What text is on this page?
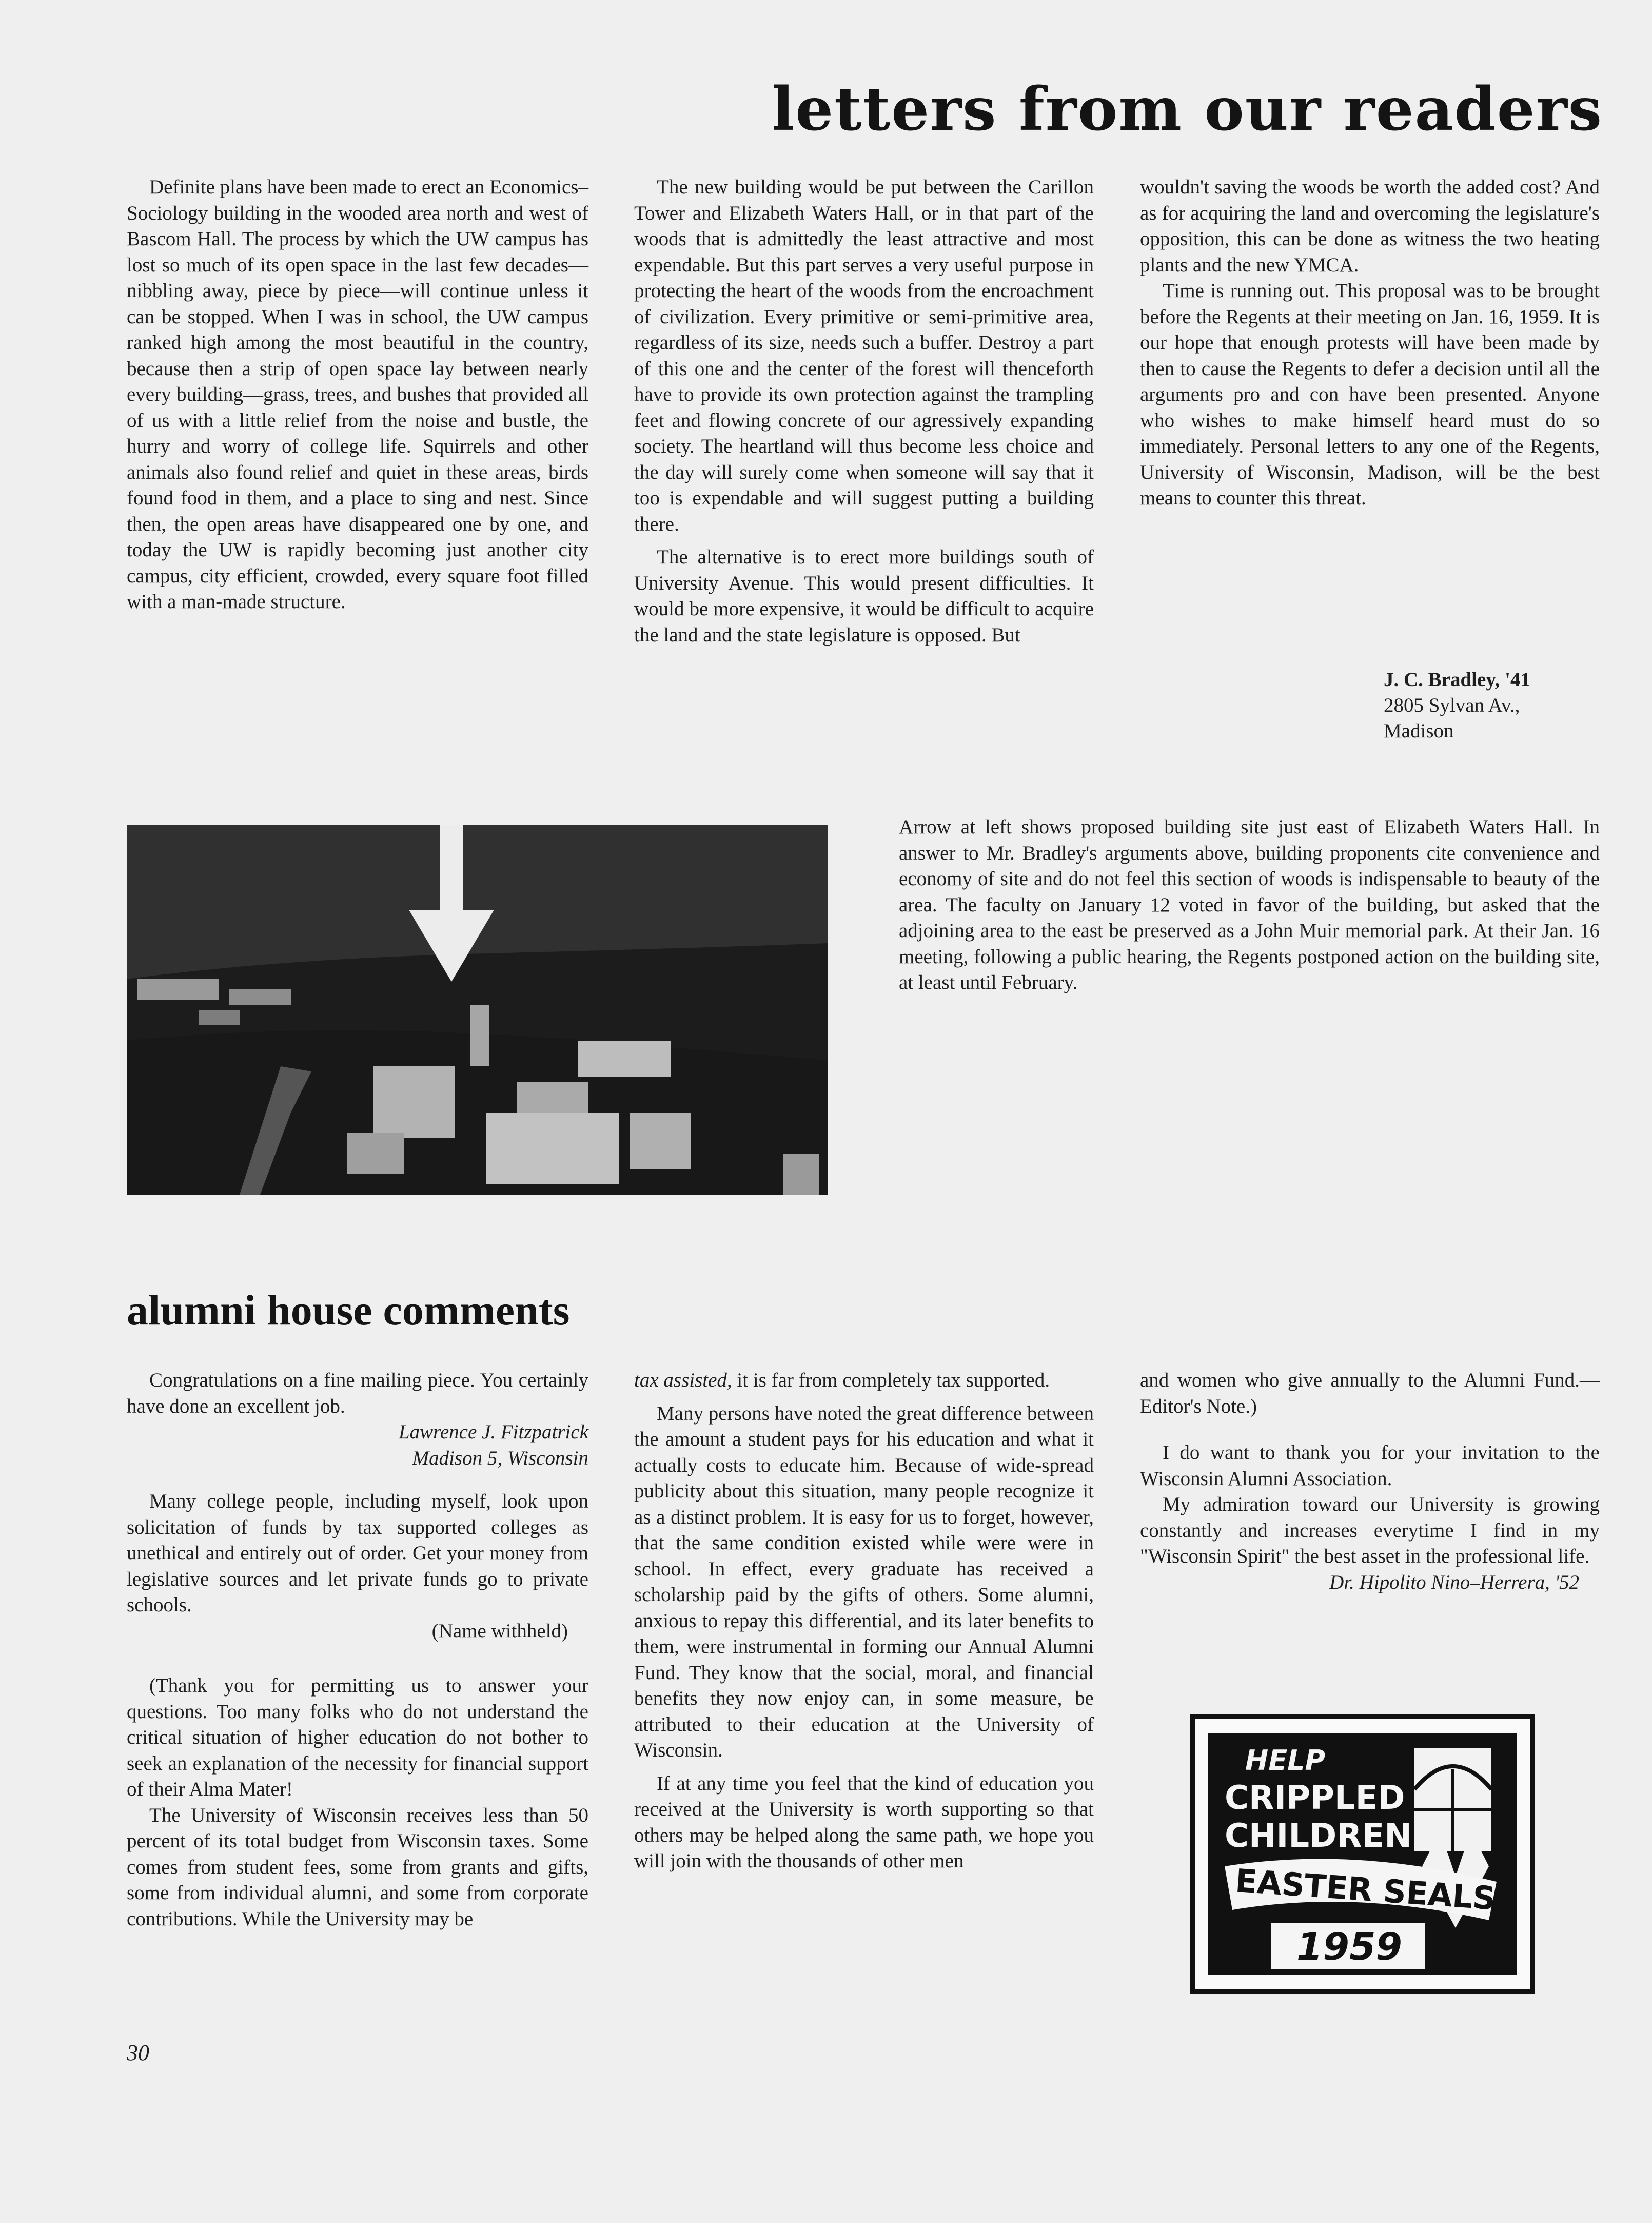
letters from our readers

Definite plans have been made to erect an Economics–Sociology building in the wooded area north and west of Bascom Hall. The process by which the UW campus has lost so much of its open space in the last few decades—nibbling away, piece by piece—will continue unless it can be stopped. When I was in school, the UW campus ranked high among the most beautiful in the country, because then a strip of open space lay between nearly every building—grass, trees, and bushes that provided all of us with a little relief from the noise and bustle, the hurry and worry of college life. Squirrels and other animals also found relief and quiet in these areas, birds found food in them, and a place to sing and nest. Since then, the open areas have disappeared one by one, and today the UW is rapidly becoming just another city campus, city efficient, crowded, every square foot filled with a man-made structure.

The new building would be put between the Carillon Tower and Elizabeth Waters Hall, or in that part of the woods that is admittedly the least attractive and most expendable. But this part serves a very useful purpose in protecting the heart of the woods from the encroachment of civilization. Every primitive or semi-primitive area, regardless of its size, needs such a buffer. Destroy a part of this one and the center of the forest will thenceforth have to provide its own protection against the trampling feet and flowing concrete of our agressively expanding society. The heartland will thus become less choice and the day will surely come when someone will say that it too is expendable and will suggest putting a building there.

The alternative is to erect more buildings south of University Avenue. This would present difficulties. It would be more expensive, it would be difficult to acquire the land and the state legislature is opposed. But

wouldn't saving the woods be worth the added cost? And as for acquiring the land and overcoming the legislature's opposition, this can be done as witness the two heating plants and the new YMCA.

Time is running out. This proposal was to be brought before the Regents at their meeting on Jan. 16, 1959. It is our hope that enough protests will have been made by then to cause the Regents to defer a decision until all the arguments pro and con have been presented. Anyone who wishes to make himself heard must do so immediately. Personal letters to any one of the Regents, University of Wisconsin, Madison, will be the best means to counter this threat.

J. C. Bradley, '41
2805 Sylvan Av.,
Madison

Arrow at left shows proposed building site just east of Elizabeth Waters Hall. In answer to Mr. Bradley's arguments above, building proponents cite convenience and economy of site and do not feel this section of woods is indispensable to beauty of the area. The faculty on January 12 voted in favor of the building, but asked that the adjoining area to the east be preserved as a John Muir memorial park. At their Jan. 16 meeting, following a public hearing, the Regents postponed action on the building site, at least until February.

alumni house comments

Congratulations on a fine mailing piece. You certainly have done an excellent job.

Lawrence J. Fitzpatrick

Madison 5, Wisconsin

Many college people, including myself, look upon solicitation of funds by tax supported colleges as unethical and entirely out of order. Get your money from legislative sources and let private funds go to private schools.

(Name withheld)

(Thank you for permitting us to answer your questions. Too many folks who do not understand the critical situation of higher education do not bother to seek an explanation of the necessity for financial support of their Alma Mater!

The University of Wisconsin receives less than 50 percent of its total budget from Wisconsin taxes. Some comes from student fees, some from grants and gifts, some from individual alumni, and some from corporate contributions. While the University may be

tax assisted, it is far from completely tax supported.

Many persons have noted the great difference between the amount a student pays for his education and what it actually costs to educate him. Because of wide-spread publicity about this situation, many people recognize it as a distinct problem. It is easy for us to forget, however, that the same condition existed while were were in school. In effect, every graduate has received a scholarship paid by the gifts of others. Some alumni, anxious to repay this differential, and its later benefits to them, were instrumental in forming our Annual Alumni Fund. They know that the social, moral, and financial benefits they now enjoy can, in some measure, be attributed to their education at the University of Wisconsin.

If at any time you feel that the kind of education you received at the University is worth supporting so that others may be helped along the same path, we hope you will join with the thousands of other men

and women who give annually to the Alumni Fund.—Editor's Note.)

I do want to thank you for your invitation to the Wisconsin Alumni Association.

My admiration toward our University is growing constantly and increases everytime I find in my "Wisconsin Spirit" the best asset in the professional life.

Dr. Hipolito Nino–Herrera, '52

HELP
CRIPPLED
CHILDREN
EASTER SEALS
1959
30
